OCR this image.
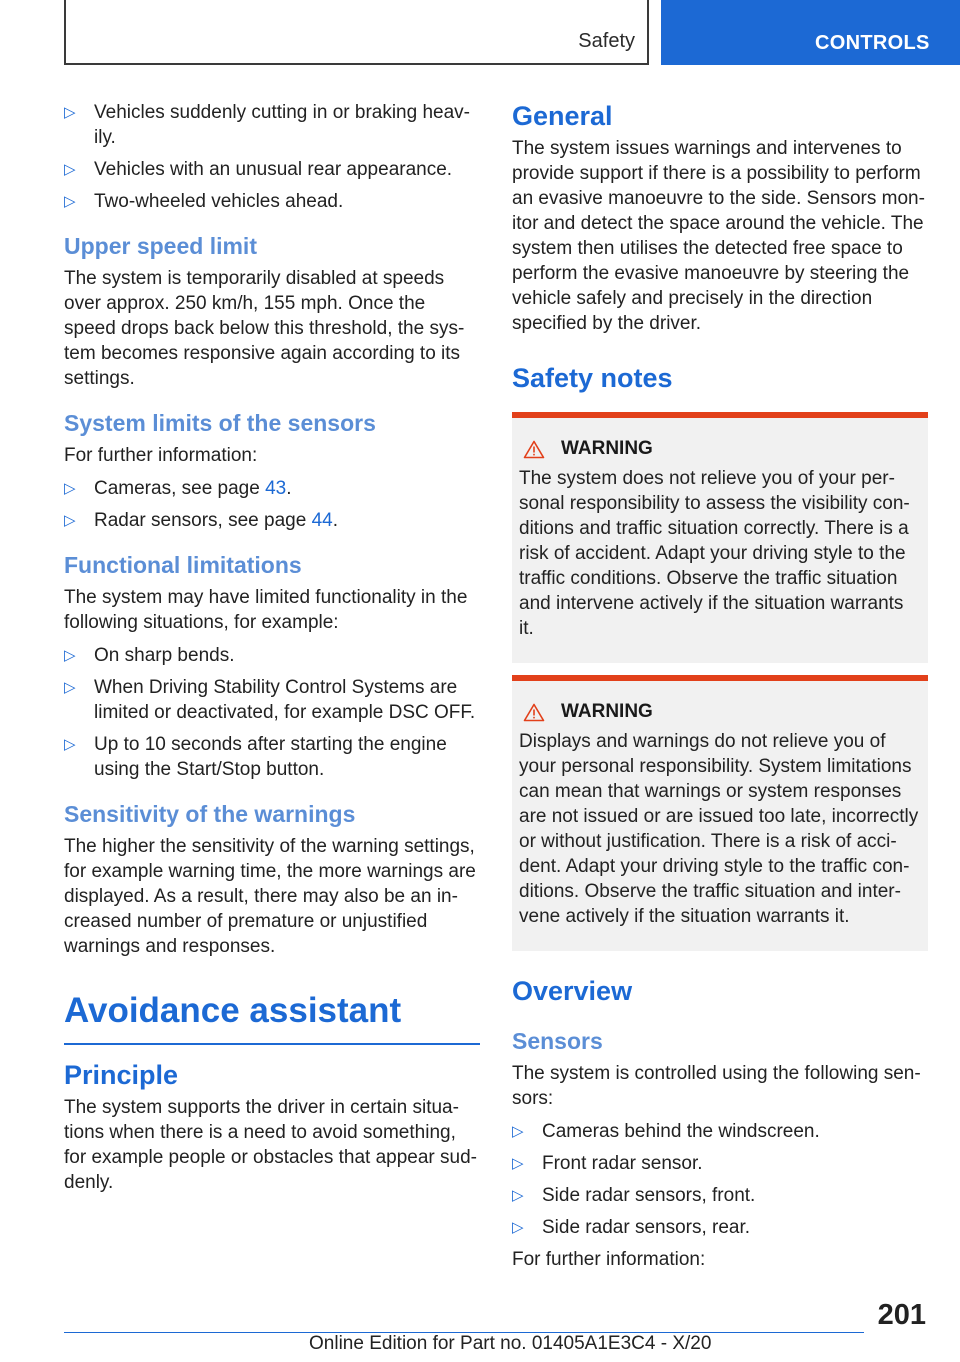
Safety	CONTROLS
▷ Vehicles suddenly cutting in or braking heav‐ily.
▷ Vehicles with an unusual rear appearance.
▷ Two-wheeled vehicles ahead.
Upper speed limit

The system is temporarily disabled at speeds over approx. 250 km/h, 155 mph. Once the speed drops back below this threshold, the sys‐tem becomes responsive again according to its settings.

System limits of the sensors

For further information:

▷ Cameras, see page 43.
▷ Radar sensors, see page 44.
Functional limitations

The system may have limited functionality in the following situations, for example:

▷ On sharp bends.
▷ When Driving Stability Control Systems are limited or deactivated, for example DSC OFF.
▷ Up to 10 seconds after starting the engine using the Start/Stop button.
Sensitivity of the warnings

The higher the sensitivity of the warning settings, for example warning time, the more warnings are displayed. As a result, there may also be an in‐creased number of premature or unjustified warnings and responses.

Avoidance assistant
Principle

The system supports the driver in certain situa‐tions when there is a need to avoid something, for example people or obstacles that appear sud‐denly.

General

The system issues warnings and intervenes to provide support if there is a possibility to perform an evasive manoeuvre to the side. Sensors mon‐itor and detect the space around the vehicle. The system then utilises the detected free space to perform the evasive manoeuvre by steering the vehicle safely and precisely in the direction specified by the driver.

Safety notes
WARNING

The system does not relieve you of your per‐sonal responsibility to assess the visibility con‐ditions and traffic situation correctly. There is a risk of accident. Adapt your driving style to the traffic conditions. Observe the traffic situation and intervene actively if the situation warrants it.

WARNING

Displays and warnings do not relieve you of your personal responsibility. System limitations can mean that warnings or system responses are not issued or are issued too late, incorrectly or without justification. There is a risk of acci‐dent. Adapt your driving style to the traffic con‐ditions. Observe the traffic situation and inter‐vene actively if the situation warrants it.

Overview
Sensors

The system is controlled using the following sen‐sors:

▷ Cameras behind the windscreen.
▷ Front radar sensor.
▷ Side radar sensors, front.
▷ Side radar sensors, rear.

For further information:

201
Online Edition for Part no. 01405A1E3C4 - X/20
